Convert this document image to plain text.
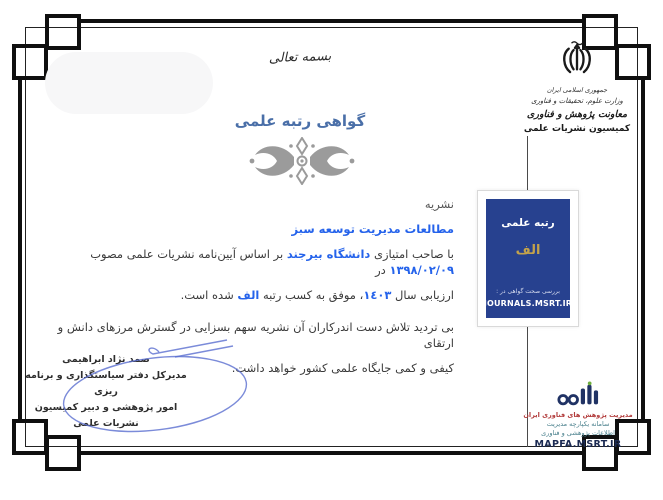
بسمه تعالی
جمهوری اسلامی ایران
وزارت علوم، تحقیقات و فناوری
معاونت پژوهش و فناوری
کمیسیون نشریات علمی
گواهی رتبه علمی
رتبه علمی
الف
بررسی صحت گواهی در :
JOURNALS.MSRT.IR
نشریه
مطالعات مدیریت توسعه سبز
با صاحب امتیازی دانشگاه بیرجند بر اساس آیین‌نامه نشریات علمی مصوب ۱۳۹۸/۰۲/۰۹ در
ارزیابی سال ١٤٠٣، موفق به کسب رتبه الف شده است.
بی تردید تلاش دست اندرکاران آن نشریه سهم بسزایی در گسترش مرزهای دانش و ارتقای
کیفی و کمی جایگاه علمی کشور خواهد داشت.
صمد نژاد ابراهیمی
مدیرکل دفتر سیاستگذاری و برنامه ریزی
امور پژوهشی و دبیر کمیسیون
نشریات علمی
مدیریت پژوهش های فناوری ایران
سامانه یکپارچه مدیریت
اطلاعات پژوهشی و فناوری
MAPFA.MSRT.IR
